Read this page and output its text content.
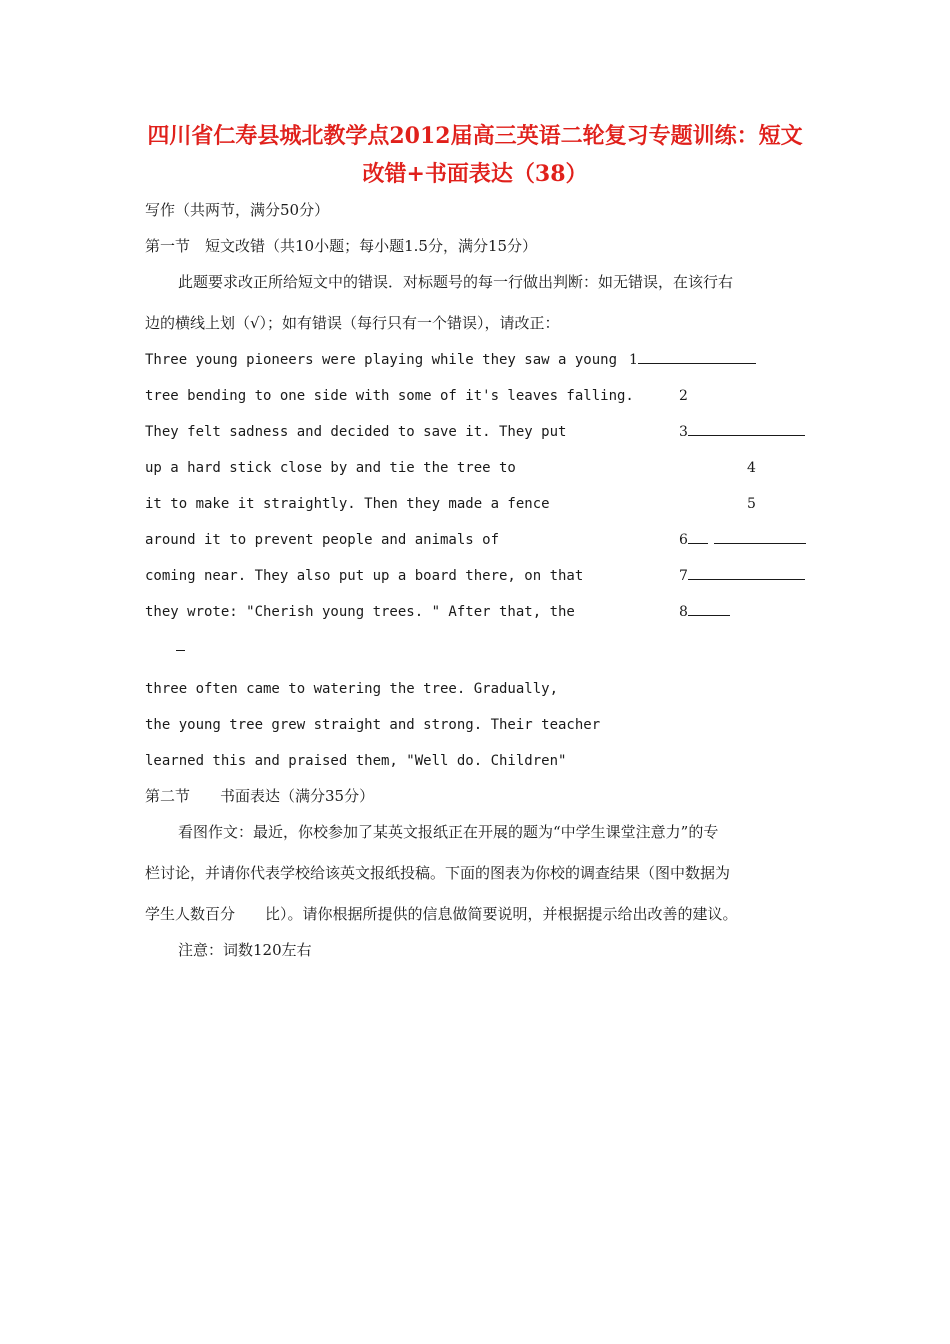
四川省仁寿县城北教学点2012届高三英语二轮复习专题训练：短文
改错+书面表达（38）
写作（共两节，满分50分）
第一节　短文改错（共10小题；每小题1.5分，满分15分）
此题要求改正所给短文中的错误．对标题号的每一行做出判断：如无错误，在该行右
边的横线上划（√）；如有错误（每行只有一个错误），请改正：
Three young pioneers were playing while they saw a young
tree bending to one side with some of it's leaves falling.
They felt sadness and decided to save it. They put
up a hard stick close by and tie the tree to
it to make it straightly. Then they made a fence
around it to prevent people and animals of
coming near. They also put up a board there, on that
they wrote: "Cherish young trees. " After that, the
three often came to watering the tree. Gradually,
the young tree grew straight and strong. Their teacher
learned this and praised them, "Well do. Children"
1
2
3
4
5
6
7
8
第二节　　书面表达（满分35分）
看图作文：最近，你校参加了某英文报纸正在开展的题为“中学生课堂注意力”的专
栏讨论，并请你代表学校给该英文报纸投稿。下面的图表为你校的调查结果（图中数据为
学生人数百分　　比）。请你根据所提供的信息做简要说明，并根据提示给出改善的建议。
注意：词数120左右
